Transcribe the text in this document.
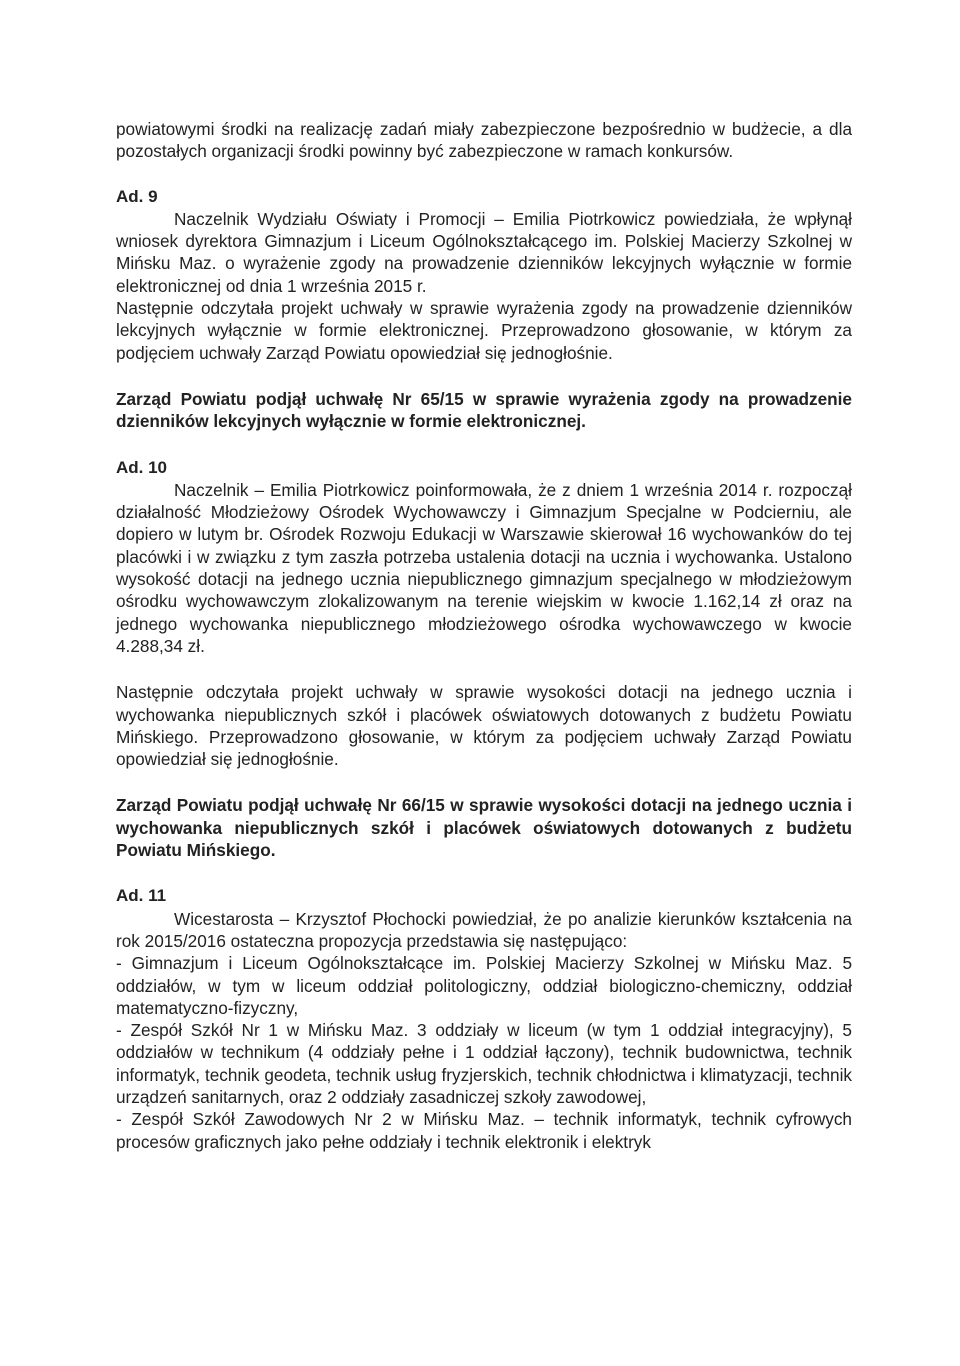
powiatowymi środki na realizację zadań miały zabezpieczone bezpośrednio w budżecie, a dla pozostałych organizacji środki powinny być zabezpieczone w ramach konkursów.

Ad. 9

Naczelnik Wydziału Oświaty i Promocji – Emilia Piotrkowicz powiedziała, że wpłynął wniosek dyrektora Gimnazjum i Liceum Ogólnokształcącego im. Polskiej Macierzy Szkolnej w Mińsku Maz. o wyrażenie zgody na prowadzenie dzienników lekcyjnych wyłącznie w formie elektronicznej od dnia 1 września 2015 r.

Następnie odczytała projekt uchwały w sprawie wyrażenia zgody na prowadzenie dzienników lekcyjnych wyłącznie w formie elektronicznej. Przeprowadzono głosowanie, w którym za podjęciem uchwały Zarząd Powiatu opowiedział się jednogłośnie.

Zarząd Powiatu podjął uchwałę Nr 65/15 w sprawie wyrażenia zgody na prowadzenie dzienników lekcyjnych wyłącznie w formie elektronicznej.

Ad. 10

Naczelnik – Emilia Piotrkowicz poinformowała, że z dniem 1 września 2014 r. rozpoczął działalność Młodzieżowy Ośrodek Wychowawczy i Gimnazjum Specjalne w Podcierniu, ale dopiero w lutym br. Ośrodek Rozwoju Edukacji w Warszawie skierował 16 wychowanków do tej placówki i w związku z tym zaszła potrzeba ustalenia dotacji na ucznia i wychowanka. Ustalono wysokość dotacji na jednego ucznia niepublicznego gimnazjum specjalnego w młodzieżowym ośrodku wychowawczym zlokalizowanym na terenie wiejskim w kwocie 1.162,14 zł oraz na jednego wychowanka niepublicznego młodzieżowego ośrodka wychowawczego w kwocie 4.288,34 zł.

Następnie odczytała projekt uchwały w sprawie wysokości dotacji na jednego ucznia i wychowanka niepublicznych szkół i placówek oświatowych dotowanych z budżetu Powiatu Mińskiego. Przeprowadzono głosowanie, w którym za podjęciem uchwały Zarząd Powiatu opowiedział się jednogłośnie.

Zarząd Powiatu podjął uchwałę Nr 66/15 w sprawie wysokości dotacji na jednego ucznia i wychowanka niepublicznych szkół i placówek oświatowych dotowanych z budżetu Powiatu Mińskiego.

Ad. 11

Wicestarosta – Krzysztof Płochocki powiedział, że po analizie kierunków kształcenia na rok 2015/2016 ostateczna propozycja przedstawia się następująco:

- Gimnazjum i Liceum Ogólnokształcące im. Polskiej Macierzy Szkolnej w Mińsku Maz. 5 oddziałów, w tym w liceum oddział politologiczny, oddział biologiczno-chemiczny, oddział matematyczno-fizyczny,

- Zespół Szkół Nr 1 w Mińsku Maz. 3 oddziały w liceum (w tym 1 oddział integracyjny), 5 oddziałów w technikum (4 oddziały pełne i 1 oddział łączony), technik budownictwa, technik informatyk, technik geodeta, technik usług fryzjerskich, technik chłodnictwa i klimatyzacji, technik urządzeń sanitarnych, oraz 2 oddziały zasadniczej szkoły zawodowej,

- Zespół Szkół Zawodowych Nr 2 w Mińsku Maz. – technik informatyk, technik cyfrowych procesów graficznych jako pełne oddziały i technik elektronik i elektryk
